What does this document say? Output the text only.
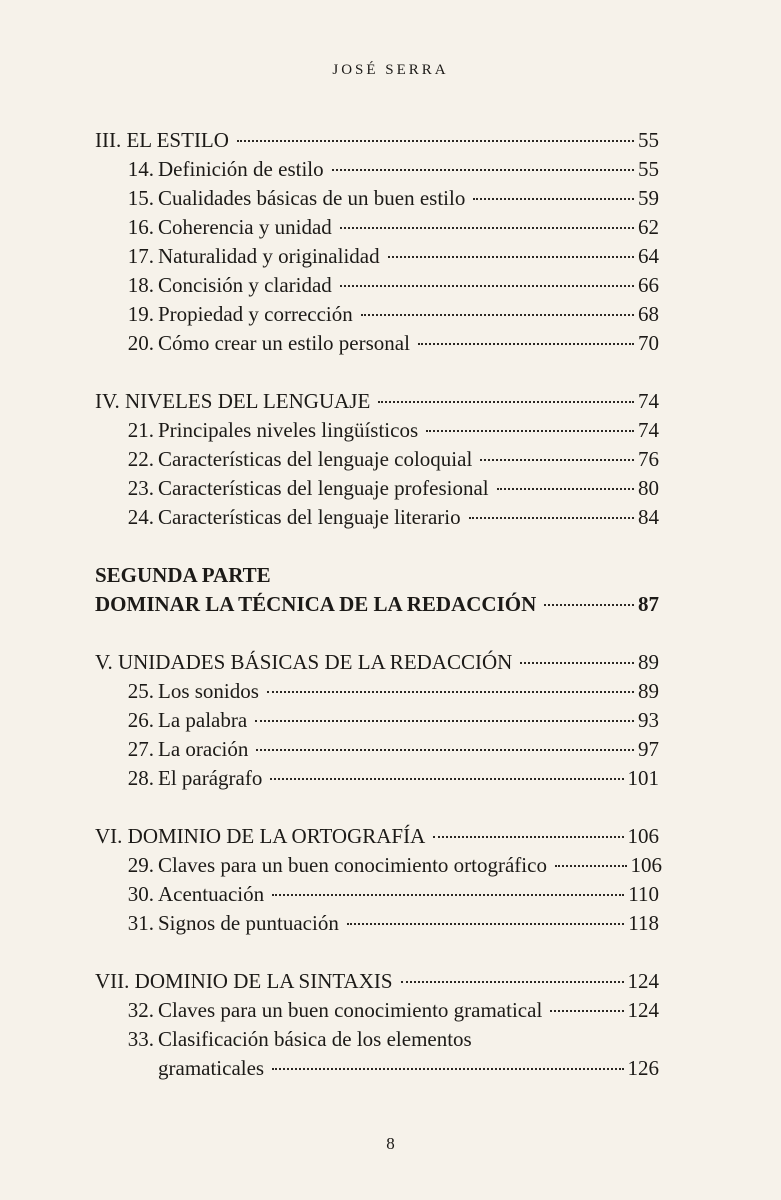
JOSÉ SERRA
III. EL ESTILO	55
14. Definición de estilo	55
15. Cualidades básicas de un buen estilo	59
16. Coherencia y unidad	62
17. Naturalidad y originalidad	64
18. Concisión y claridad	66
19. Propiedad y corrección	68
20. Cómo crear un estilo personal	70
IV. NIVELES DEL LENGUAJE	74
21. Principales niveles lingüísticos	74
22. Características del lenguaje coloquial	76
23. Características del lenguaje profesional	80
24. Características del lenguaje literario	84
SEGUNDA PARTE
DOMINAR LA TÉCNICA DE LA REDACCIÓN	87
V. UNIDADES BÁSICAS DE LA REDACCIÓN	89
25. Los sonidos	89
26. La palabra	93
27. La oración	97
28. El parágrafo	101
VI. DOMINIO DE LA ORTOGRAFÍA	106
29. Claves para un buen conocimiento ortográfico	106
30. Acentuación	110
31. Signos de puntuación	118
VII. DOMINIO DE LA SINTAXIS	124
32. Claves para un buen conocimiento gramatical	124
33. Clasificación básica de los elementos
gramaticales	126
8
